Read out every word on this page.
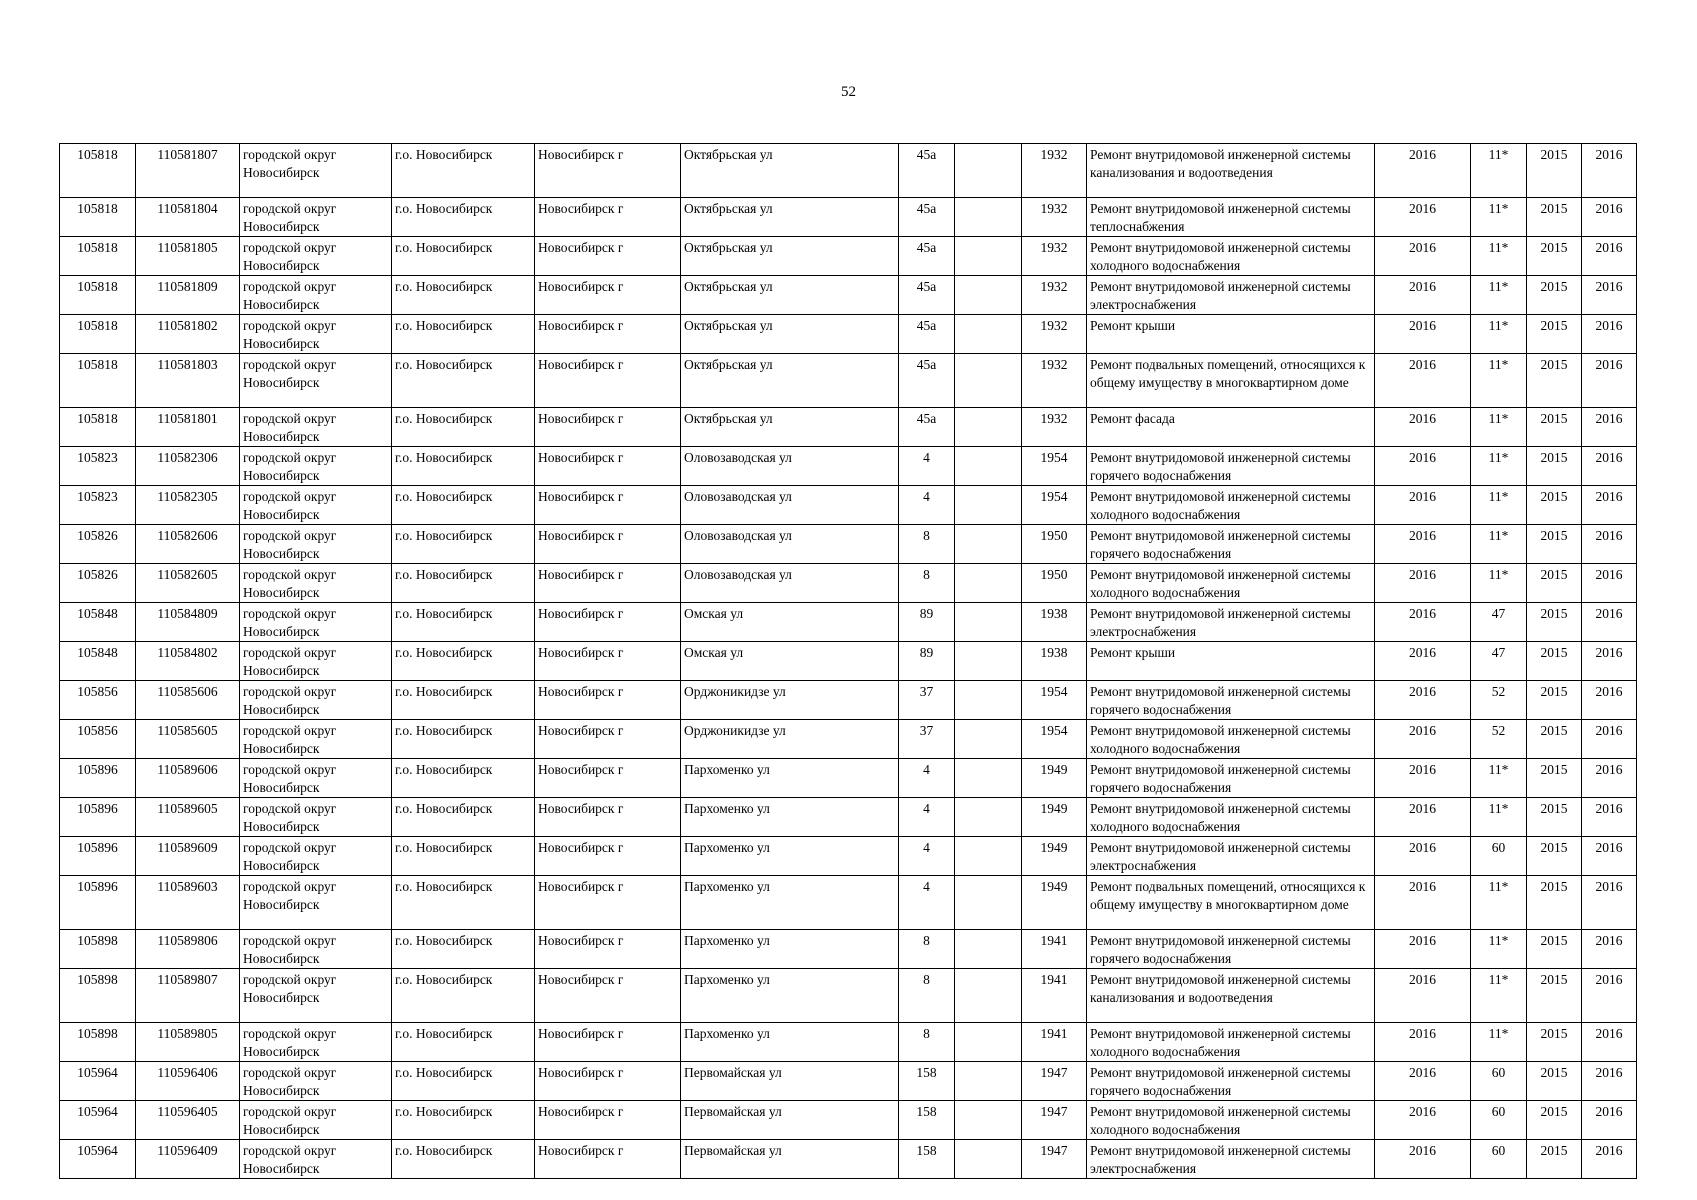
52
105818	110581807	городской округ Новосибирск	г.о. Новосибирск	Новосибирск г	Октябрьская ул	45а		1932	Ремонт внутридомовой инженерной системы канализования и водоотведения	2016	11*	2015	2016
105818	110581804	городской округ Новосибирск	г.о. Новосибирск	Новосибирск г	Октябрьская ул	45а		1932	Ремонт внутридомовой инженерной системы теплоснабжения	2016	11*	2015	2016
105818	110581805	городской округ Новосибирск	г.о. Новосибирск	Новосибирск г	Октябрьская ул	45а		1932	Ремонт внутридомовой инженерной системы холодного водоснабжения	2016	11*	2015	2016
105818	110581809	городской округ Новосибирск	г.о. Новосибирск	Новосибирск г	Октябрьская ул	45а		1932	Ремонт внутридомовой инженерной системы электроснабжения	2016	11*	2015	2016
105818	110581802	городской округ Новосибирск	г.о. Новосибирск	Новосибирск г	Октябрьская ул	45а		1932	Ремонт крыши	2016	11*	2015	2016
105818	110581803	городской округ Новосибирск	г.о. Новосибирск	Новосибирск г	Октябрьская ул	45а		1932	Ремонт подвальных помещений, относящихся к общему имуществу в многоквартирном доме	2016	11*	2015	2016
105818	110581801	городской округ Новосибирск	г.о. Новосибирск	Новосибирск г	Октябрьская ул	45а		1932	Ремонт фасада	2016	11*	2015	2016
105823	110582306	городской округ Новосибирск	г.о. Новосибирск	Новосибирск г	Оловозаводская ул	4		1954	Ремонт внутридомовой инженерной системы горячего водоснабжения	2016	11*	2015	2016
105823	110582305	городской округ Новосибирск	г.о. Новосибирск	Новосибирск г	Оловозаводская ул	4		1954	Ремонт внутридомовой инженерной системы холодного водоснабжения	2016	11*	2015	2016
105826	110582606	городской округ Новосибирск	г.о. Новосибирск	Новосибирск г	Оловозаводская ул	8		1950	Ремонт внутридомовой инженерной системы горячего водоснабжения	2016	11*	2015	2016
105826	110582605	городской округ Новосибирск	г.о. Новосибирск	Новосибирск г	Оловозаводская ул	8		1950	Ремонт внутридомовой инженерной системы холодного водоснабжения	2016	11*	2015	2016
105848	110584809	городской округ Новосибирск	г.о. Новосибирск	Новосибирск г	Омская ул	89		1938	Ремонт внутридомовой инженерной системы электроснабжения	2016	47	2015	2016
105848	110584802	городской округ Новосибирск	г.о. Новосибирск	Новосибирск г	Омская ул	89		1938	Ремонт крыши	2016	47	2015	2016
105856	110585606	городской округ Новосибирск	г.о. Новосибирск	Новосибирск г	Орджоникидзе ул	37		1954	Ремонт внутридомовой инженерной системы горячего водоснабжения	2016	52	2015	2016
105856	110585605	городской округ Новосибирск	г.о. Новосибирск	Новосибирск г	Орджоникидзе ул	37		1954	Ремонт внутридомовой инженерной системы холодного водоснабжения	2016	52	2015	2016
105896	110589606	городской округ Новосибирск	г.о. Новосибирск	Новосибирск г	Пархоменко ул	4		1949	Ремонт внутридомовой инженерной системы горячего водоснабжения	2016	11*	2015	2016
105896	110589605	городской округ Новосибирск	г.о. Новосибирск	Новосибирск г	Пархоменко ул	4		1949	Ремонт внутридомовой инженерной системы холодного водоснабжения	2016	11*	2015	2016
105896	110589609	городской округ Новосибирск	г.о. Новосибирск	Новосибирск г	Пархоменко ул	4		1949	Ремонт внутридомовой инженерной системы электроснабжения	2016	60	2015	2016
105896	110589603	городской округ Новосибирск	г.о. Новосибирск	Новосибирск г	Пархоменко ул	4		1949	Ремонт подвальных помещений, относящихся к общему имуществу в многоквартирном доме	2016	11*	2015	2016
105898	110589806	городской округ Новосибирск	г.о. Новосибирск	Новосибирск г	Пархоменко ул	8		1941	Ремонт внутридомовой инженерной системы горячего водоснабжения	2016	11*	2015	2016
105898	110589807	городской округ Новосибирск	г.о. Новосибирск	Новосибирск г	Пархоменко ул	8		1941	Ремонт внутридомовой инженерной системы канализования и водоотведения	2016	11*	2015	2016
105898	110589805	городской округ Новосибирск	г.о. Новосибирск	Новосибирск г	Пархоменко ул	8		1941	Ремонт внутридомовой инженерной системы холодного водоснабжения	2016	11*	2015	2016
105964	110596406	городской округ Новосибирск	г.о. Новосибирск	Новосибирск г	Первомайская ул	158		1947	Ремонт внутридомовой инженерной системы горячего водоснабжения	2016	60	2015	2016
105964	110596405	городской округ Новосибирск	г.о. Новосибирск	Новосибирск г	Первомайская ул	158		1947	Ремонт внутридомовой инженерной системы холодного водоснабжения	2016	60	2015	2016
105964	110596409	городской округ Новосибирск	г.о. Новосибирск	Новосибирск г	Первомайская ул	158		1947	Ремонт внутридомовой инженерной системы электроснабжения	2016	60	2015	2016
